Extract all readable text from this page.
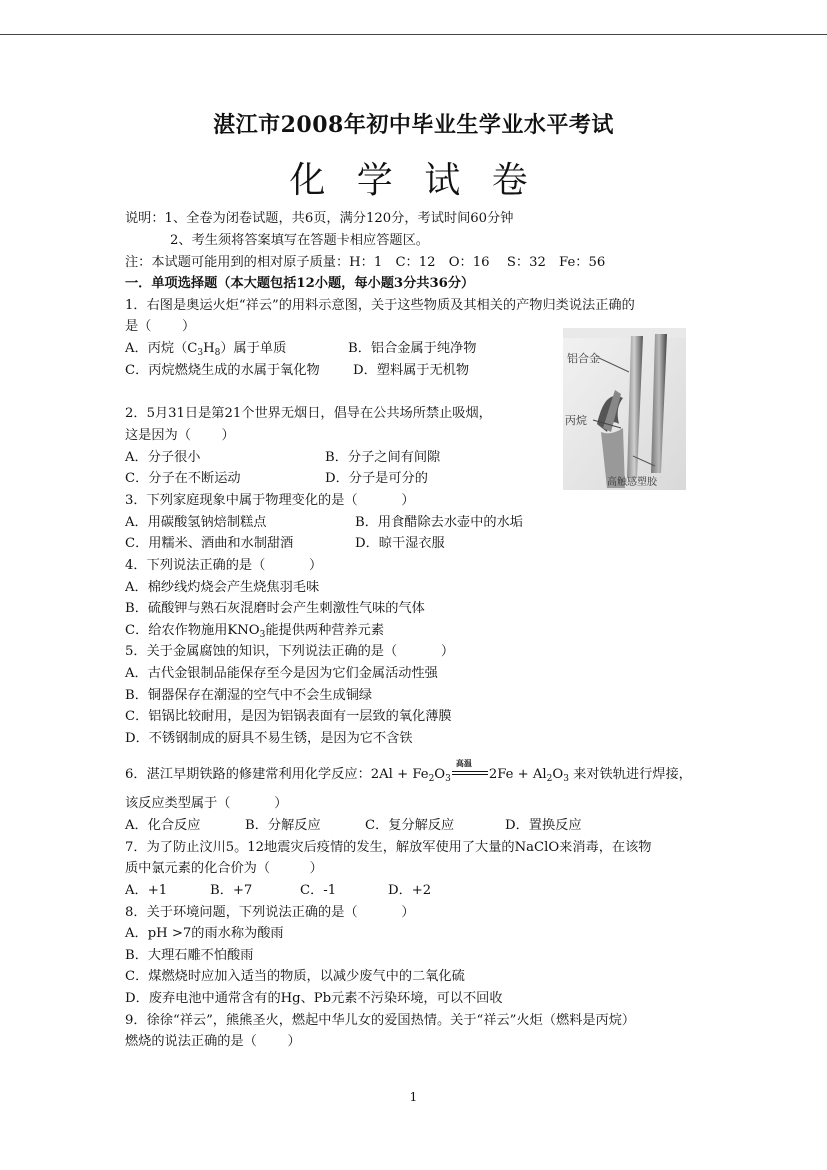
湛江市2008年初中毕业生学业水平考试
化 学 试 卷
说明：1、全卷为闭卷试题，共6页，满分120分，考试时间60分钟
2、考生须将答案填写在答题卡相应答题区。
注：本试题可能用到的相对原子质量：H：1　C：12　O：16　 S：32　Fe：56
一．单项选择题（本大题包括12小题，每小题3分共36分）
1．右图是奥运火炬“祥云”的用料示意图，关于这些物质及其相关的产物归类说法正确的
是（　　 ）
A．丙烷$(C_3H_8)$属于单质	B．铝合金属于纯净物
C．丙烷燃烧生成的水属于氧化物	D．塑料属于无机物
铝合金
丙烷
高触感塑胶
2．5月31日是第21个世界无烟日，倡导在公共场所禁止吸烟，
这是因为（　　 ）
A．分子很小	B．分子之间有间隙
C．分子在不断运动	D．分子是可分的
3．下列家庭现象中属于物理变化的是（　　　 ）
A．用碳酸氢钠焙制糕点	B．用食醋除去水壶中的水垢
C．用糯米、酒曲和水制甜酒	D．晾干湿衣服
4．下列说法正确的是（　　　 ）
A．棉纱线灼烧会产生烧焦羽毛味
B．硫酸钾与熟石灰混磨时会产生刺激性气味的气体
C．给农作物施用$KNO_3$能提供两种营养元素
5．关于金属腐蚀的知识，下列说法正确的是（　　　 ）
A．古代金银制品能保存至今是因为它们金属活动性强
B．铜器保存在潮湿的空气中不会生成铜绿
C．铝锅比较耐用，是因为铝锅表面有一层致的氧化薄膜
D．不锈钢制成的厨具不易生锈，是因为它不含铁
6．湛江早期铁路的修建常利用化学反应：$2Al + Fe_2O_3$
高温
$2Fe + Al_2O_3$ 来对铁轨进行焊接，
该反应类型属于（　　　 ）
A．化合反应	B．分解反应	C．复分解反应	D．置换反应
7．为了防止汶川5。12地震灾后疫情的发生，解放军使用了大量的NaClO来消毒，在该物
质中氯元素的化合价为（　　　）
A．+1	B．+7	C．-1	D．+2
8．关于环境问题，下列说法正确的是（　　　 ）
A．pH >7的雨水称为酸雨
B．大理石雕不怕酸雨
C．煤燃烧时应加入适当的物质，以减少废气中的二氧化硫
D．废弃电池中通常含有的Hg、Pb元素不污染环境，可以不回收
9．徐徐“祥云”，熊熊圣火，燃起中华儿女的爱国热情。关于“祥云”火炬（燃料是丙烷）
燃烧的说法正确的是（　　 ）
1
